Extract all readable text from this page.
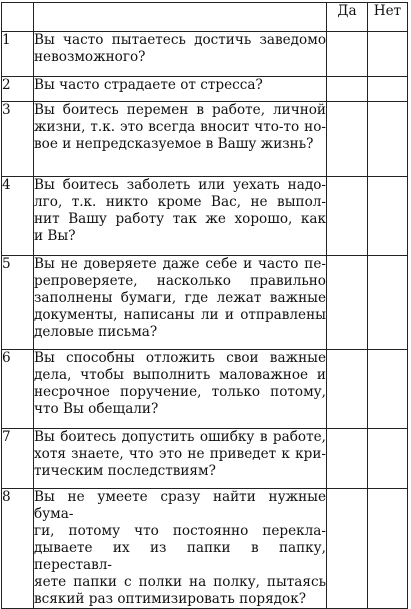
		Да	Нет
1	Вы часто пытаетесь достичь заведомо
невозможного?		

2	Вы часто страдаете от стресса?		

3	Вы боитесь перемен в работе, личной
жизни, т.к. это всегда вносит что-то но-
вое и непредсказуемое в Вашу жизнь?		

4	Вы боитесь заболеть или уехать надо-
лго, т.к. никто кроме Вас, не выпол-
нит Вашу работу так же хорошо, как
и Вы?		

5	Вы не доверяете даже себе и часто пе-
репроверяете, насколько правильно
заполнены бумаги, где лежат важные
документы, написаны ли и отправлены
деловые письма?		

6	Вы способны отложить свои важные
дела, чтобы выполнить маловажное и
несрочное поручение, только потому,
что Вы обещали?		

7	Вы боитесь допустить ошибку в работе,
хотя знаете, что это не приведет к кри-
тическим последствиям?		

8	Вы не умеете сразу найти нужные бума-
ги, потому что постоянно перекла-
дываете их из папки в папку, переставл-
яете папки с полки на полку, пытаясь
всякий раз оптимизировать порядок?		
